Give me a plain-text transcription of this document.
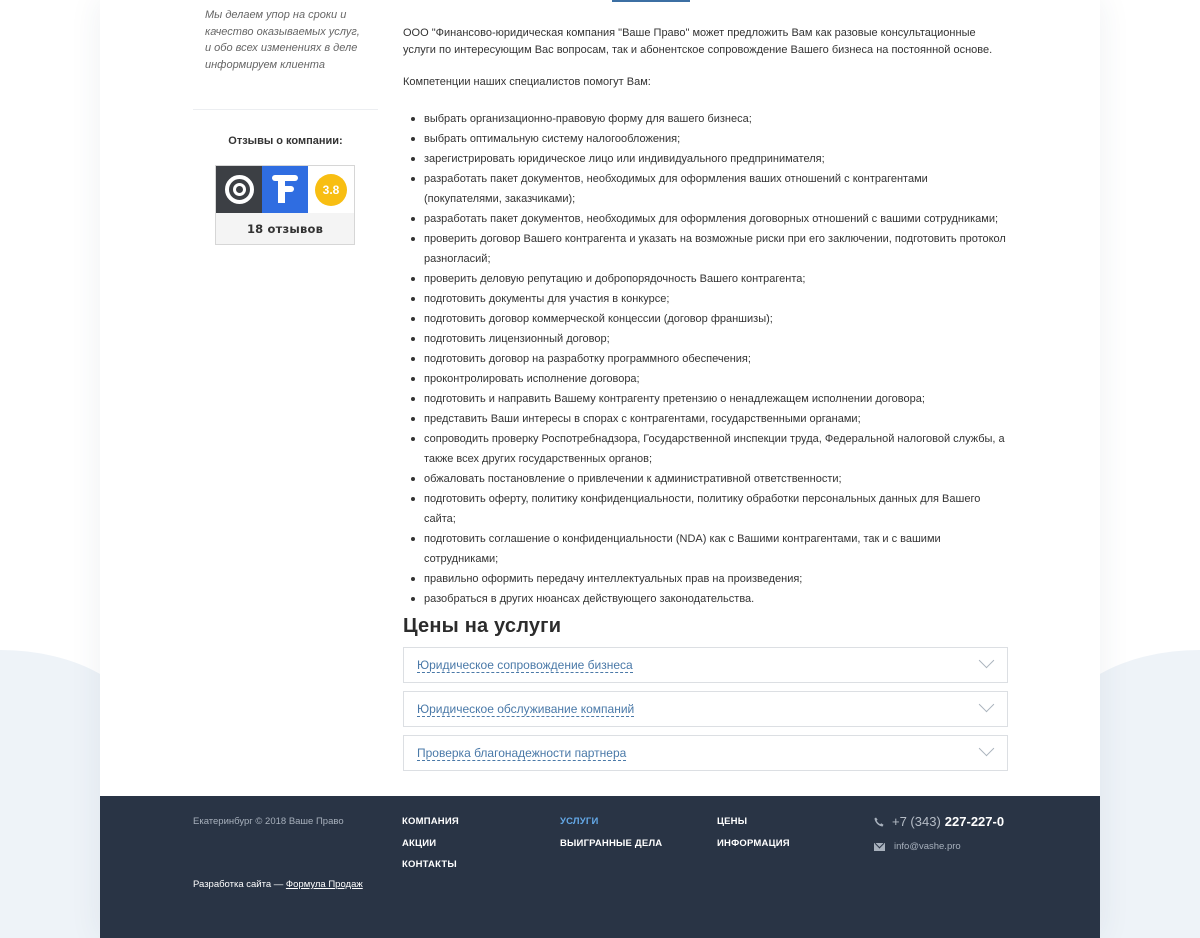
Мы делаем упор на сроки и качество оказываемых услуг, и обо всех изменениях в деле информируем клиента

Отзывы о компании:
3.8
18 отзывов

ООО "Финансово-юридическая компания "Ваше Право" может предложить Вам как разовые консультационные услуги по интересующим Вас вопросам, так и абонентское сопровождение Вашего бизнеса на постоянной основе.

Компетенции наших специалистов помогут Вам:

выбрать организационно-правовую форму для вашего бизнеса;
выбрать оптимальную систему налогообложения;
зарегистрировать юридическое лицо или индивидуального предпринимателя;
разработать пакет документов, необходимых для оформления ваших отношений с контрагентами (покупателями, заказчиками);
разработать пакет документов, необходимых для оформления договорных отношений с вашими сотрудниками;
проверить договор Вашего контрагента и указать на возможные риски при его заключении, подготовить протокол разногласий;
проверить деловую репутацию и добропорядочность Вашего контрагента;
подготовить документы для участия в конкурсе;
подготовить договор коммерческой концессии (договор франшизы);
подготовить лицензионный договор;
подготовить договор на разработку программного обеспечения;
проконтролировать исполнение договора;
подготовить и направить Вашему контрагенту претензию о ненадлежащем исполнении договора;
представить Ваши интересы в спорах с контрагентами, государственными органами;
сопроводить проверку Роспотребнадзора, Государственной инспекции труда, Федеральной налоговой службы, а также всех других государственных органов;
обжаловать постановление о привлечении к административной ответственности;
подготовить оферту, политику конфиденциальности, политику обработки персональных данных для Вашего сайта;
подготовить соглашение о конфиденциальности (NDA) как с Вашими контрагентами, так и с вашими сотрудниками;
правильно оформить передачу интеллектуальных прав на произведения;
разобраться в других нюансах действующего законодательства.
Цены на услуги
Юридическое сопровождение бизнеса
Юридическое обслуживание компаний
Проверка благонадежности партнера
Екатеринбург © 2018 Ваше Право
Разработка сайта — Формула Продаж
КОМПАНИЯ
АКЦИИ
КОНТАКТЫ
УСЛУГИ
ВЫИГРАННЫЕ ДЕЛА
ЦЕНЫ
ИНФОРМАЦИЯ
+7 (343) 227-227-0
info@vashe.pro
